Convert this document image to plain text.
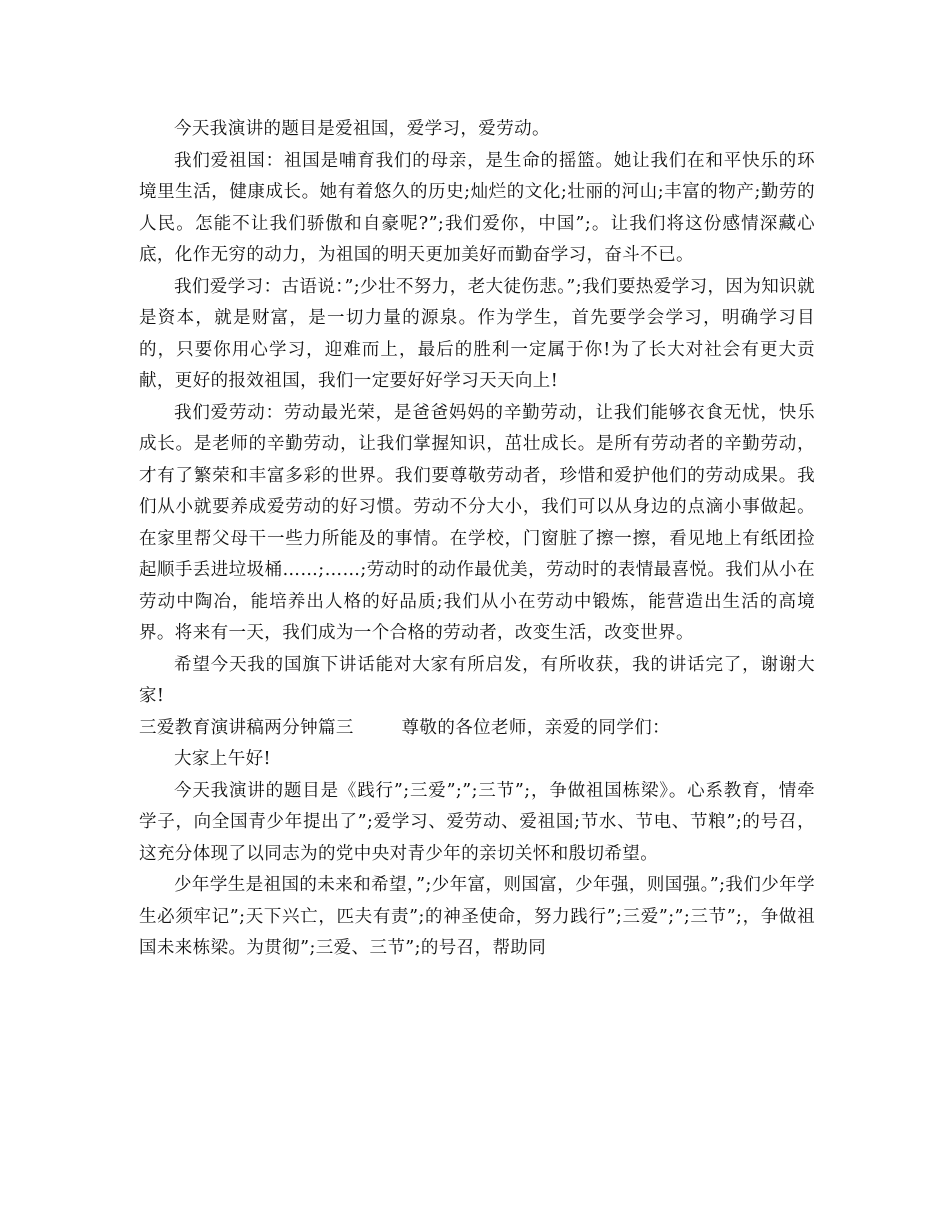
今天我演讲的题目是爱祖国，爱学习，爱劳动。

我们爱祖国：祖国是哺育我们的母亲，是生命的摇篮。她让我们在和平快乐的环境里生活，健康成长。她有着悠久的历史;灿烂的文化;壮丽的河山;丰富的物产;勤劳的人民。怎能不让我们骄傲和自豪呢?”;我们爱你，中国”;。让我们将这份感情深藏心底，化作无穷的动力，为祖国的明天更加美好而勤奋学习，奋斗不已。

我们爱学习：古语说：”;少壮不努力，老大徒伤悲。”;我们要热爱学习，因为知识就是资本，就是财富，是一切力量的源泉。作为学生，首先要学会学习，明确学习目的，只要你用心学习，迎难而上，最后的胜利一定属于你!为了长大对社会有更大贡献，更好的报效祖国，我们一定要好好学习天天向上!

我们爱劳动：劳动最光荣，是爸爸妈妈的辛勤劳动，让我们能够衣食无忧，快乐成长。是老师的辛勤劳动，让我们掌握知识，茁壮成长。是所有劳动者的辛勤劳动，才有了繁荣和丰富多彩的世界。我们要尊敬劳动者，珍惜和爱护他们的劳动成果。我们从小就要养成爱劳动的好习惯。劳动不分大小，我们可以从身边的点滴小事做起。在家里帮父母干一些力所能及的事情。在学校，门窗脏了擦一擦，看见地上有纸团捡起顺手丢进垃圾桶……;……;劳动时的动作最优美，劳动时的表情最喜悦。我们从小在劳动中陶冶，能培养出人格的好品质;我们从小在劳动中锻炼，能营造出生活的高境界。将来有一天，我们成为一个合格的劳动者，改变生活，改变世界。

希望今天我的国旗下讲话能对大家有所启发，有所收获，我的讲话完了，谢谢大家!

三爱教育演讲稿两分钟篇三	尊敬的各位老师，亲爱的同学们：

大家上午好!

今天我演讲的题目是《践行”;三爱”;”;三节”;，争做祖国栋梁》。心系教育，情牵学子，向全国青少年提出了”;爱学习、爱劳动、爱祖国;节水、节电、节粮”;的号召，这充分体现了以同志为的党中央对青少年的亲切关怀和殷切希望。

少年学生是祖国的未来和希望，”;少年富，则国富，少年强，则国强。”;我们少年学生必须牢记”;天下兴亡，匹夫有责”;的神圣使命，努力践行”;三爱”;”;三节”;，争做祖国未来栋梁。为贯彻”;三爱、三节”;的号召，帮助同
